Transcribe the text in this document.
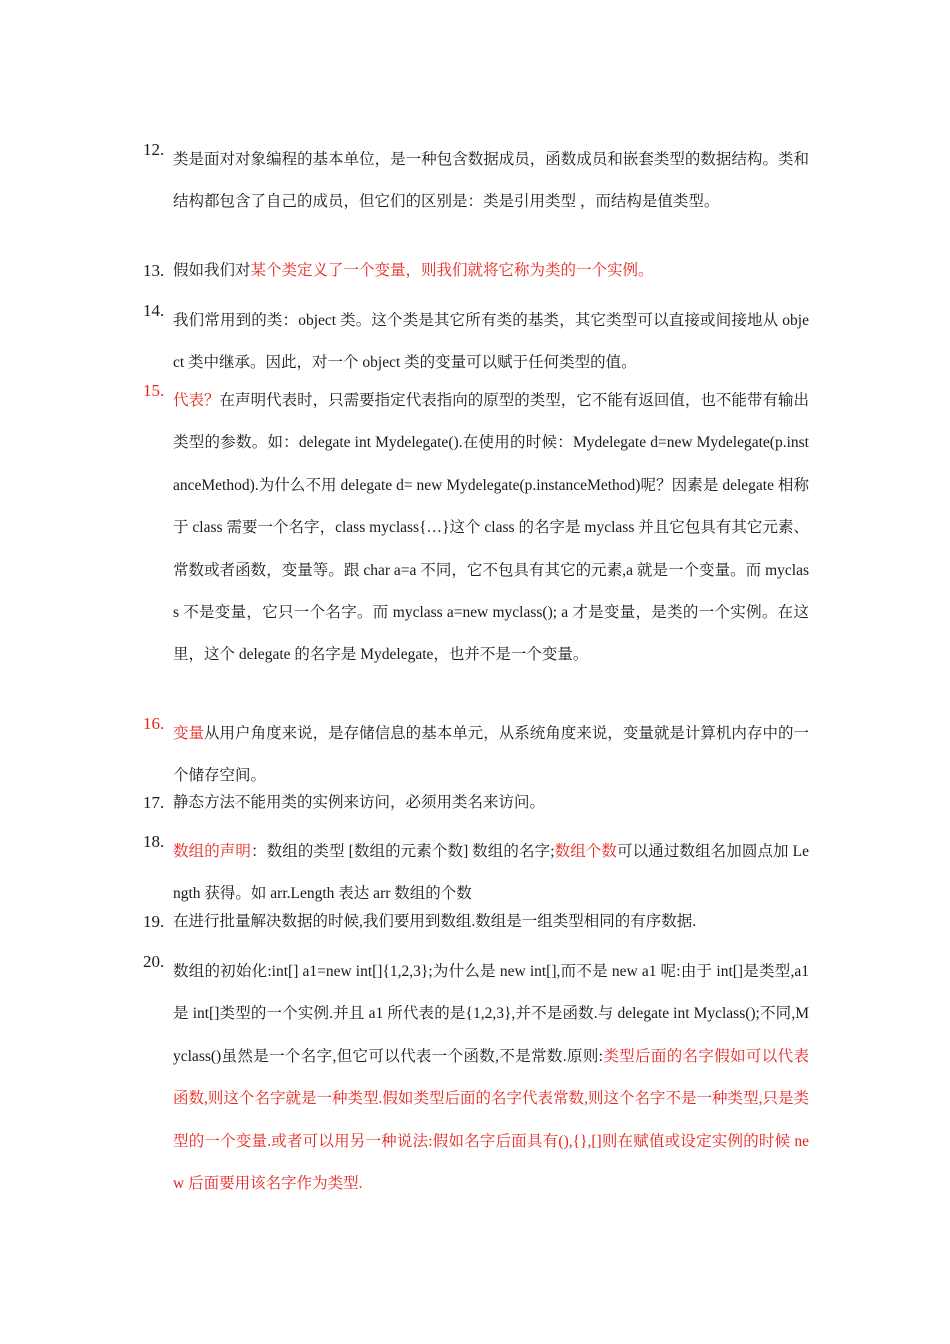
12.
类是面对对象编程的基本单位，是一种包含数据成员，函数成员和嵌套类型的数据结构。类和结构都包含了自己的成员，但它们的区别是：类是引用类型 ，而结构是值类型。
13. 假如我们对某个类定义了一个变量，则我们就将它称为类的一个实例。
14.
我们常用到的类：object 类。这个类是其它所有类的基类，其它类型可以直接或间接地从 object 类中继承。因此，对一个 object 类的变量可以赋于任何类型的值。
15.
代表？在声明代表时，只需要指定代表指向的原型的类型，它不能有返回值，也不能带有输出类型的参数。如：delegate int Mydelegate().在使用的时候：Mydelegate d=new Mydelegate(p.instanceMethod).为什么不用 delegate d= new Mydelegate(p.instanceMethod)呢？因素是 delegate 相称于 class 需要一个名字，class myclass{…}这个 class 的名字是 myclass 并且它包具有其它元素、常数或者函数，变量等。跟 char a=a 不同，它不包具有其它的元素,a 就是一个变量。而 myclass 不是变量，它只一个名字。而 myclass a=new myclass(); a 才是变量，是类的一个实例。在这里，这个 delegate 的名字是 Mydelegate，也并不是一个变量。
16.
变量从用户角度来说，是存储信息的基本单元，从系统角度来说，变量就是计算机内存中的一个储存空间。
17. 静态方法不能用类的实例来访问，必须用类名来访问。
18.
数组的声明：数组的类型 [数组的元素个数] 数组的名字;数组个数可以通过数组名加圆点加 Length 获得。如 arr.Length 表达 arr 数组的个数
19. 在进行批量解决数据的时候,我们要用到数组.数组是一组类型相同的有序数据.
20.
数组的初始化:int[] a1=new int[]{1,2,3};为什么是 new int[],而不是 new a1 呢:由于 int[]是类型,a1 是 int[]类型的一个实例.并且 a1 所代表的是{1,2,3},并不是函数.与 delegate int Myclass();不同,Myclass()虽然是一个名字,但它可以代表一个函数,不是常数.原则:类型后面的名字假如可以代表函数,则这个名字就是一种类型.假如类型后面的名字代表常数,则这个名字不是一种类型,只是类型的一个变量.或者可以用另一种说法:假如名字后面具有(),{},[]则在赋值或设定实例的时候 new 后面要用该名字作为类型.
